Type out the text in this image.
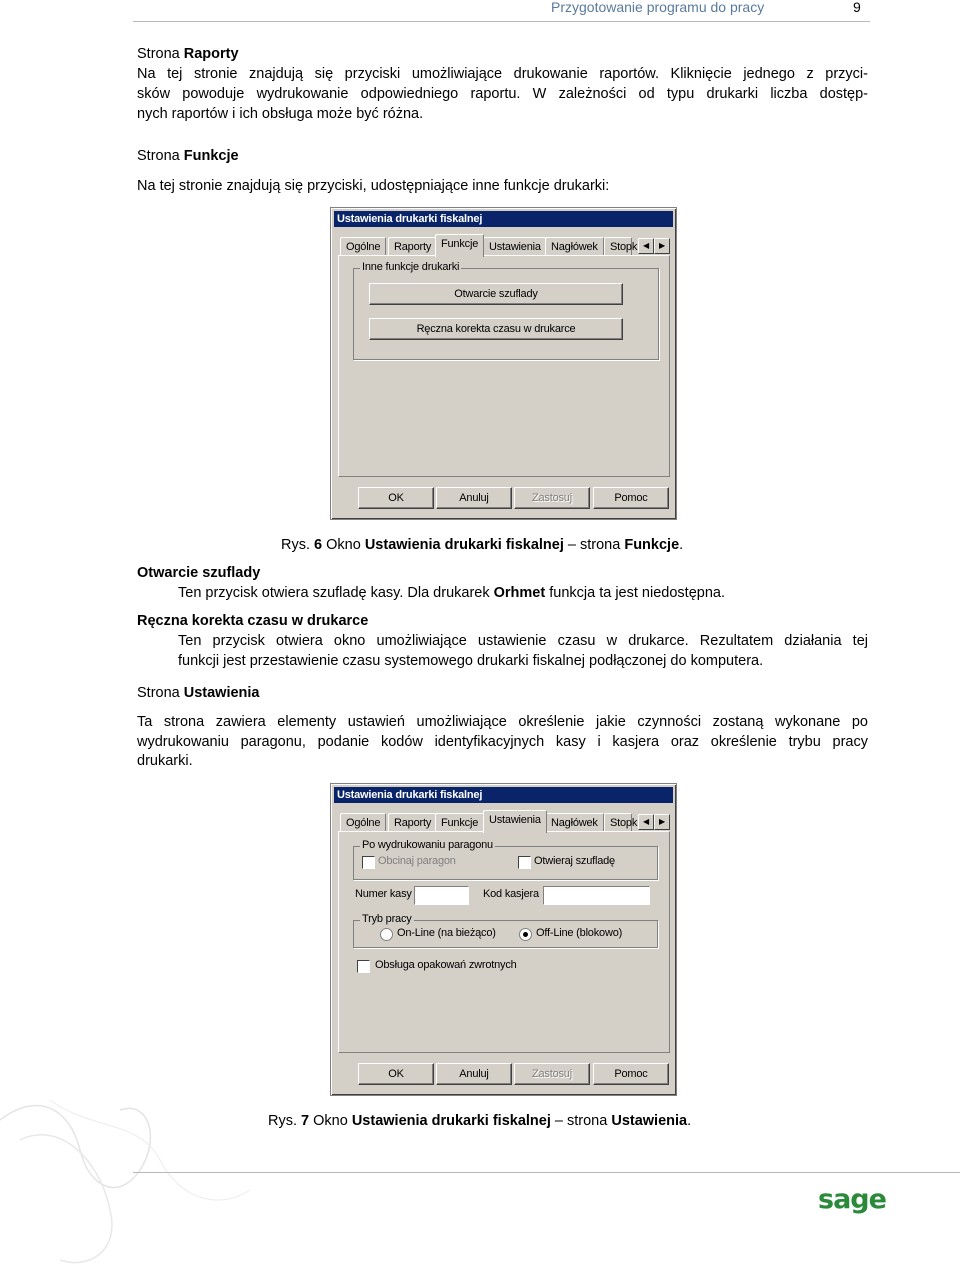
Przygotowanie programu do pracy	9
Strona Raporty
Na tej stronie znajdują się przyciski umożliwiające drukowanie raportów. Kliknięcie jednego z przyci-
sków powoduje wydrukowanie odpowiedniego raportu. W zależności od typu drukarki liczba dostęp-
nych raportów i ich obsługa może być różna.
Strona Funkcje
Na tej stronie znajdują się przyciski, udostępniające inne funkcje drukarki:
Ustawienia drukarki fiskalnej
Ogólne	Raporty Funkcje Ustawienia Nagłówek	Stopk ◀	▶
Inne funkcje drukarki
Otwarcie szuflady
Ręczna korekta czasu w drukarce
OK	Anuluj	Zastosuj	Pomoc
Rys. 6 Okno Ustawienia drukarki fiskalnej – strona Funkcje.
Otwarcie szuflady
Ten przycisk otwiera szufladę kasy. Dla drukarek Orhmet funkcja ta jest niedostępna.
Ręczna korekta czasu w drukarce
Ten przycisk otwiera okno umożliwiające ustawienie czasu w drukarce. Rezultatem działania tej
funkcji jest przestawienie czasu systemowego drukarki fiskalnej podłączonej do komputera.
Strona Ustawienia
Ta strona zawiera elementy ustawień umożliwiające określenie jakie czynności zostaną wykonane po
wydrukowaniu paragonu, podanie kodów identyfikacyjnych kasy i kasjera oraz określenie trybu pracy
drukarki.
Ustawienia drukarki fiskalnej
Ogólne	Raporty Funkcje Ustawienia Nagłówek	Stopk ◀	▶
Po wydrukowaniu paragonu
Obcinaj paragon	Otwieraj szufladę
Numer kasy	Kod kasjera
Tryb pracy
On-Line (na bieżąco)	Off-Line (blokowo)
Obsługa opakowań zwrotnych
OK	Anuluj	Zastosuj	Pomoc
Rys. 7 Okno Ustawienia drukarki fiskalnej – strona Ustawienia.
sage
